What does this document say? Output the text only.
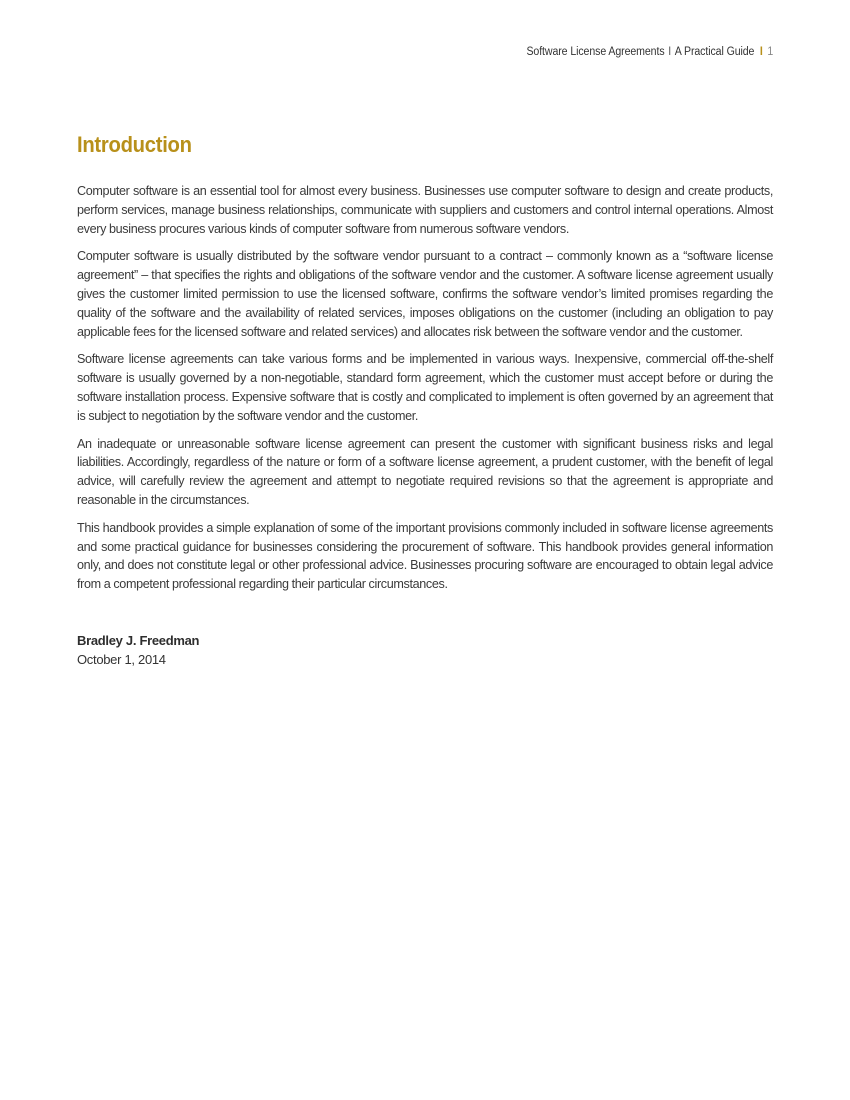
Software License Agreements I A Practical Guide I 1
Introduction

Computer software is an essential tool for almost every business. Businesses use computer software to design and create products, perform services, manage business relationships, communicate with suppliers and customers and control internal operations. Almost every business procures various kinds of computer software from numerous software vendors.

Computer software is usually distributed by the software vendor pursuant to a contract – commonly known as a “software license agreement” – that specifies the rights and obligations of the software vendor and the customer. A software license agreement usually gives the customer limited permission to use the licensed software, confirms the software vendor’s limited promises regarding the quality of the software and the availability of related services, imposes obligations on the customer (including an obligation to pay applicable fees for the licensed software and related services) and allocates risk between the software vendor and the customer.

Software license agreements can take various forms and be implemented in various ways. Inexpensive, commercial off-the-shelf software is usually governed by a non-negotiable, standard form agreement, which the customer must accept before or during the software installation process. Expensive software that is costly and complicated to implement is often governed by an agreement that is subject to negotiation by the software vendor and the customer.

An inadequate or unreasonable software license agreement can present the customer with significant business risks and legal liabilities. Accordingly, regardless of the nature or form of a software license agreement, a prudent customer, with the benefit of legal advice, will carefully review the agreement and attempt to negotiate required revisions so that the agreement is appropriate and reasonable in the circumstances.

This handbook provides a simple explanation of some of the important provisions commonly included in software license agreements and some practical guidance for businesses considering the procurement of software. This handbook provides general information only, and does not constitute legal or other professional advice. Businesses procuring software are encouraged to obtain legal advice from a competent professional regarding their particular circumstances.

Bradley J. Freedman
October 1, 2014
